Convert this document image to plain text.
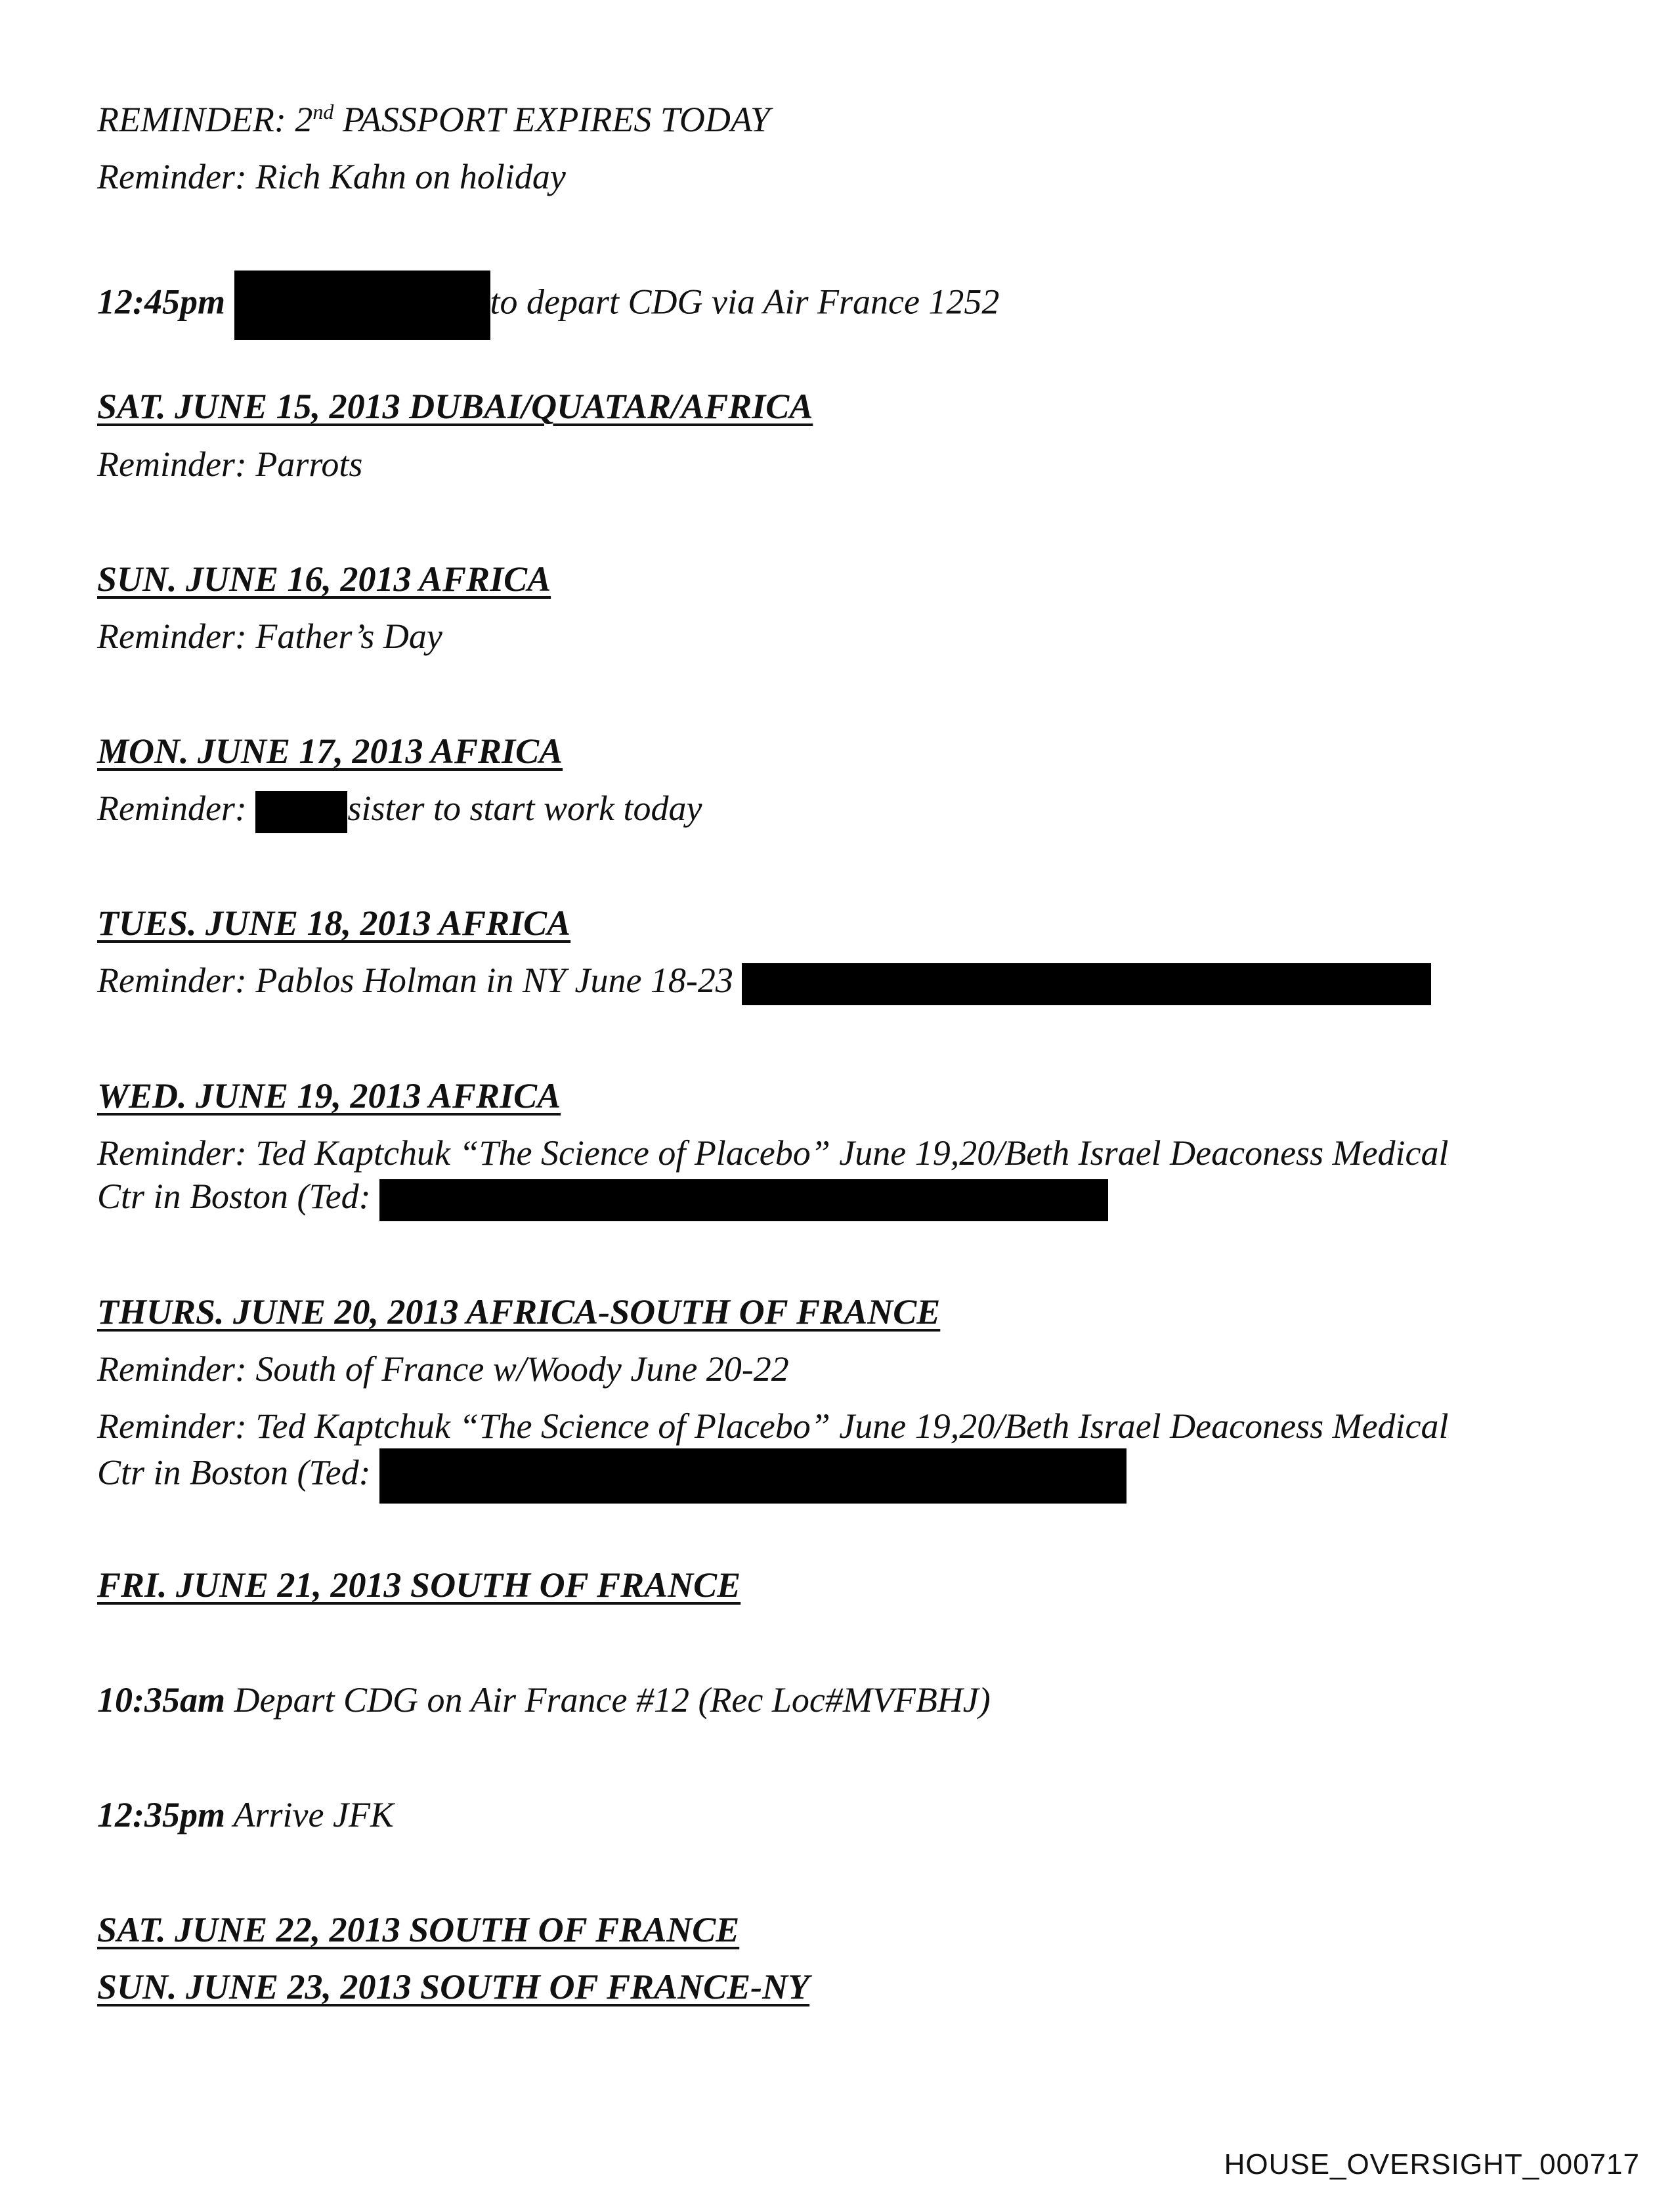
REMINDER: 2nd PASSPORT EXPIRES TODAY
Reminder: Rich Kahn on holiday
12:45pm	to depart CDG via Air France 1252
SAT. JUNE 15, 2013 DUBAI/QUATAR/AFRICA
Reminder: Parrots
SUN. JUNE 16, 2013 AFRICA
Reminder: Father’s Day
MON. JUNE 17, 2013 AFRICA
Reminder:	sister to start work today
TUES. JUNE 18, 2013 AFRICA
Reminder: Pablos Holman in NY June 18-23
WED. JUNE 19, 2013 AFRICA
Reminder: Ted Kaptchuk “The Science of Placebo” June 19,20/Beth Israel Deaconess Medical
Ctr in Boston (Ted:
THURS. JUNE 20, 2013 AFRICA-SOUTH OF FRANCE
Reminder: South of France w/Woody June 20-22
Reminder: Ted Kaptchuk “The Science of Placebo” June 19,20/Beth Israel Deaconess Medical
Ctr in Boston (Ted:
FRI. JUNE 21, 2013 SOUTH OF FRANCE
10:35am Depart CDG on Air France #12 (Rec Loc#MVFBHJ)
12:35pm Arrive JFK
SAT. JUNE 22, 2013 SOUTH OF FRANCE
SUN. JUNE 23, 2013 SOUTH OF FRANCE-NY
HOUSE_OVERSIGHT_000717
